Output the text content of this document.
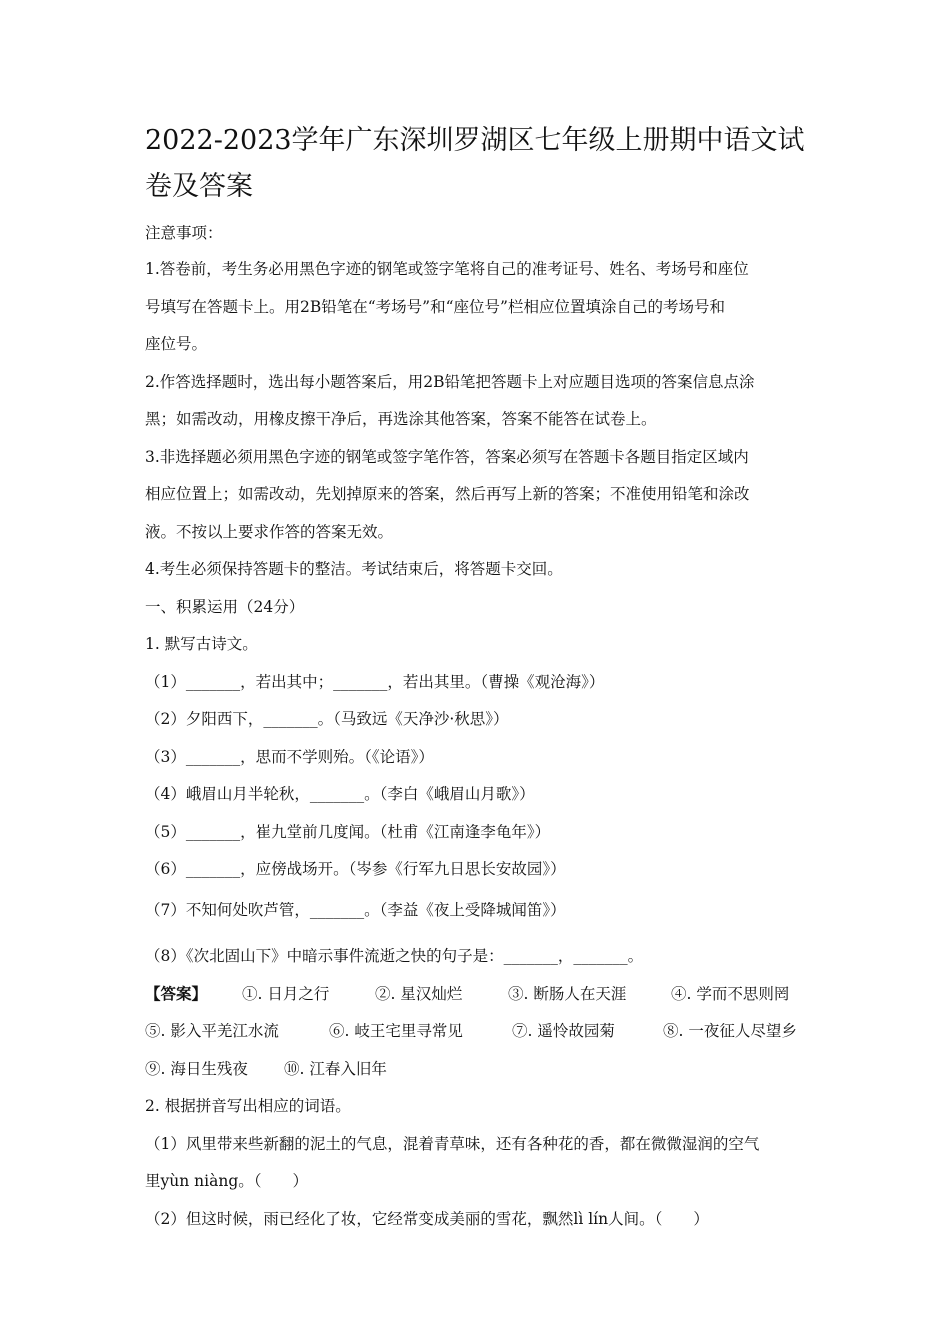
2022-2023学年广东深圳罗湖区七年级上册期中语文试卷及答案
注意事项：
1.答卷前，考生务必用黑色字迹的钢笔或签字笔将自己的准考证号、姓名、考场号和座位
号填写在答题卡上。用2B铅笔在“考场号”和“座位号”栏相应位置填涂自己的考场号和
座位号。
2.作答选择题时，选出每小题答案后，用2B铅笔把答题卡上对应题目选项的答案信息点涂
黑；如需改动，用橡皮擦干净后，再选涂其他答案，答案不能答在试卷上。
3.非选择题必须用黑色字迹的钢笔或签字笔作答，答案必须写在答题卡各题目指定区域内
相应位置上；如需改动，先划掉原来的答案，然后再写上新的答案；不准使用铅笔和涂改
液。不按以上要求作答的答案无效。
4.考生必须保持答题卡的整洁。考试结束后，将答题卡交回。
一、积累运用（24分）
1. 默写古诗文。
（1）_______，若出其中；_______，若出其里。（曹操《观沧海》）
（2）夕阳西下，_______。（马致远《天净沙·秋思》）
（3）_______，思而不学则殆。（《论语》）
（4）峨眉山月半轮秋，_______。（李白《峨眉山月歌》）
（5）_______，崔九堂前几度闻。（杜甫《江南逢李龟年》）
（6）_______，应傍战场开。（岑参《行军九日思长安故园》）
（7）不知何处吹芦管，_______。（李益《夜上受降城闻笛》）
（8）《次北固山下》中暗示事件流逝之快的句子是：_______，_______。
【答案】 ①. 日月之行	②. 星汉灿烂	③. 断肠人在天涯	④. 学而不思则罔
⑤. 影入平羌江水流	⑥. 岐王宅里寻常见	⑦. 遥怜故园菊	⑧. 一夜征人尽望乡
⑨. 海日生残夜 ⑩. 江春入旧年
2. 根据拼音写出相应的词语。
（1）风里带来些新翻的泥土的气息，混着青草味，还有各种花的香，都在微微湿润的空气
里yùn niàng。（　　）
（2）但这时候，雨已经化了妆，它经常变成美丽的雪花，飘然lì lín人间。（　　）
